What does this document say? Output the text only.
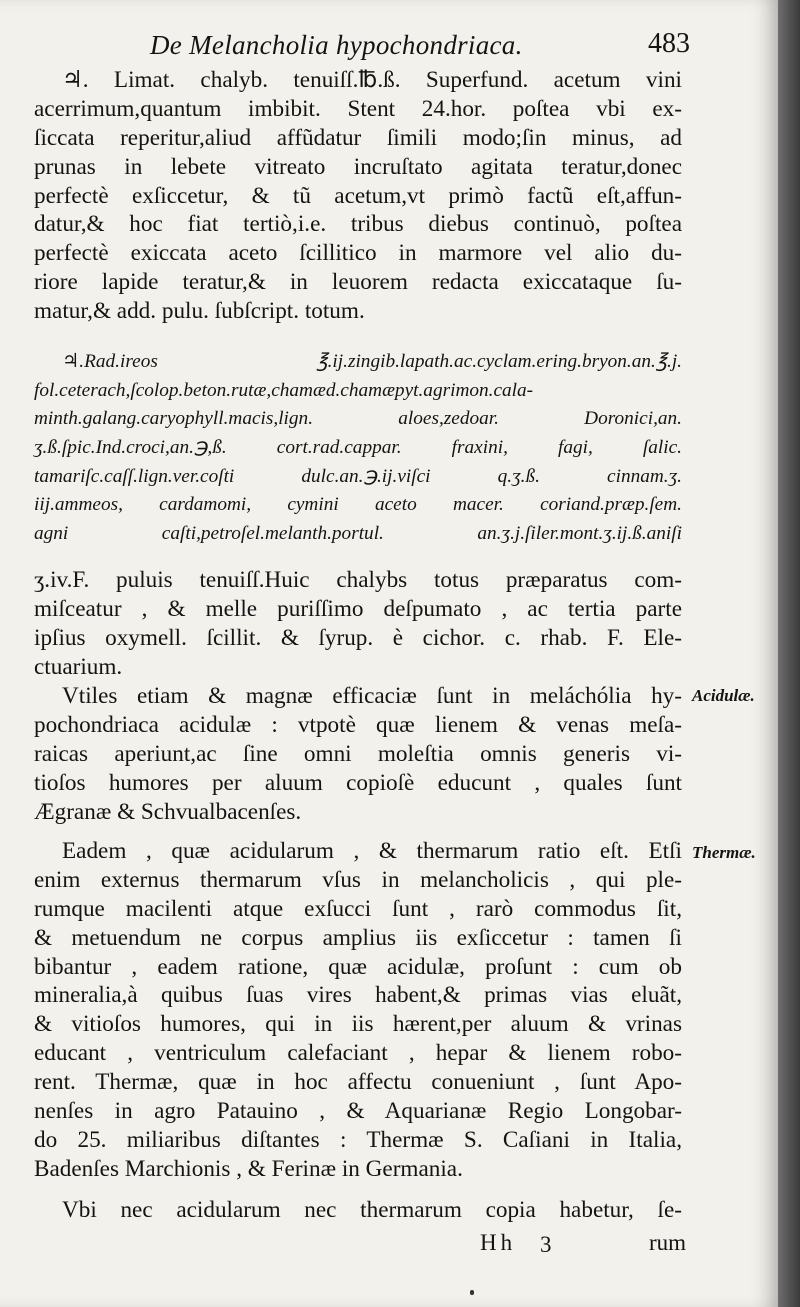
De Melancholia hypochondriaca.	483
♃. Limat. chalyb. tenuiſſ.℔.ß. Superfund. acetum vini
acerrimum,quantum imbibit. Stent 24.hor. poſtea vbi ex-
ſiccata reperitur,aliud affũdatur ſimili modo;ſin minus, ad
prunas in lebete vitreato incruſtato agitata teratur,donec
perfectè exſiccetur, & tũ acetum,vt primò factũ eſt,affun-
datur,& hoc fiat tertiò,i.e. tribus diebus continuò, poſtea
perfectè exiccata aceto ſcillitico in marmore vel alio du-
riore lapide teratur,& in leuorem redacta exiccataque ſu-
matur,& add. pulu. ſubſcript. totum.
♃.Rad.ireos ℥.ij.zingib.lapath.ac.cyclam.ering.bryon.an.℥.j.
fol.ceterach,ſcolop.beton.rutæ,chamæd.chamæpyt.agrimon.cala-
minth.galang.caryophyll.macis,lign. aloes,zedoar. Doronici,an.
ʒ.ß.ſpic.Ind.croci,an.℈,ß. cort.rad.cappar. fraxini, fagi, ſalic.
tamariſc.caſſ.lign.ver.coſti dulc.an.℈.ij.viſci q.ʒ.ß. cinnam.ʒ.
iij.ammeos, cardamomi, cymini aceto macer. coriand.præp.ſem.
agni caſti,petroſel.melanth.portul. an.ʒ.j.ſiler.mont.ʒ.ij.ß.aniſi
ʒ.iv.F. puluis tenuiſſ.Huic chalybs totus præparatus com-
miſceatur , & melle puriſſimo deſpumato , ac tertia parte
ipſius oxymell. ſcillit. & ſyrup. è cichor. c. rhab. F. Ele-
ctuarium.
Acidulæ.
Vtiles etiam & magnæ efficaciæ ſunt in meláchólia hy-
pochondriaca acidulæ : vtpotè quæ lienem & venas meſa-
raicas aperiunt,ac ſine omni moleſtia omnis generis vi-
tioſos humores per aluum copioſè educunt , quales ſunt
Ægranæ & Schvualbacenſes.
Thermæ.
Eadem , quæ acidularum , & thermarum ratio eſt. Etſi
enim externus thermarum vſus in melancholicis , qui ple-
rumque macilenti atque exſucci ſunt , rarò commodus ſit,
& metuendum ne corpus amplius iis exſiccetur : tamen ſi
bibantur , eadem ratione, quæ acidulæ, proſunt : cum ob
mineralia,à quibus ſuas vires habent,& primas vias eluãt,
& vitioſos humores, qui in iis hærent,per aluum & vrinas
educant , ventriculum calefaciant , hepar & lienem robo-
rent. Thermæ, quæ in hoc affectu conueniunt , ſunt Apo-
nenſes in agro Patauino , & Aquarianæ Regio Longobar-
do 25. miliaribus diſtantes : Thermæ S. Caſiani in Italia,
Badenſes Marchionis , & Ferinæ in Germania.
Vbi nec acidularum nec thermarum copia habetur, ſe-
Hh 3	rum
